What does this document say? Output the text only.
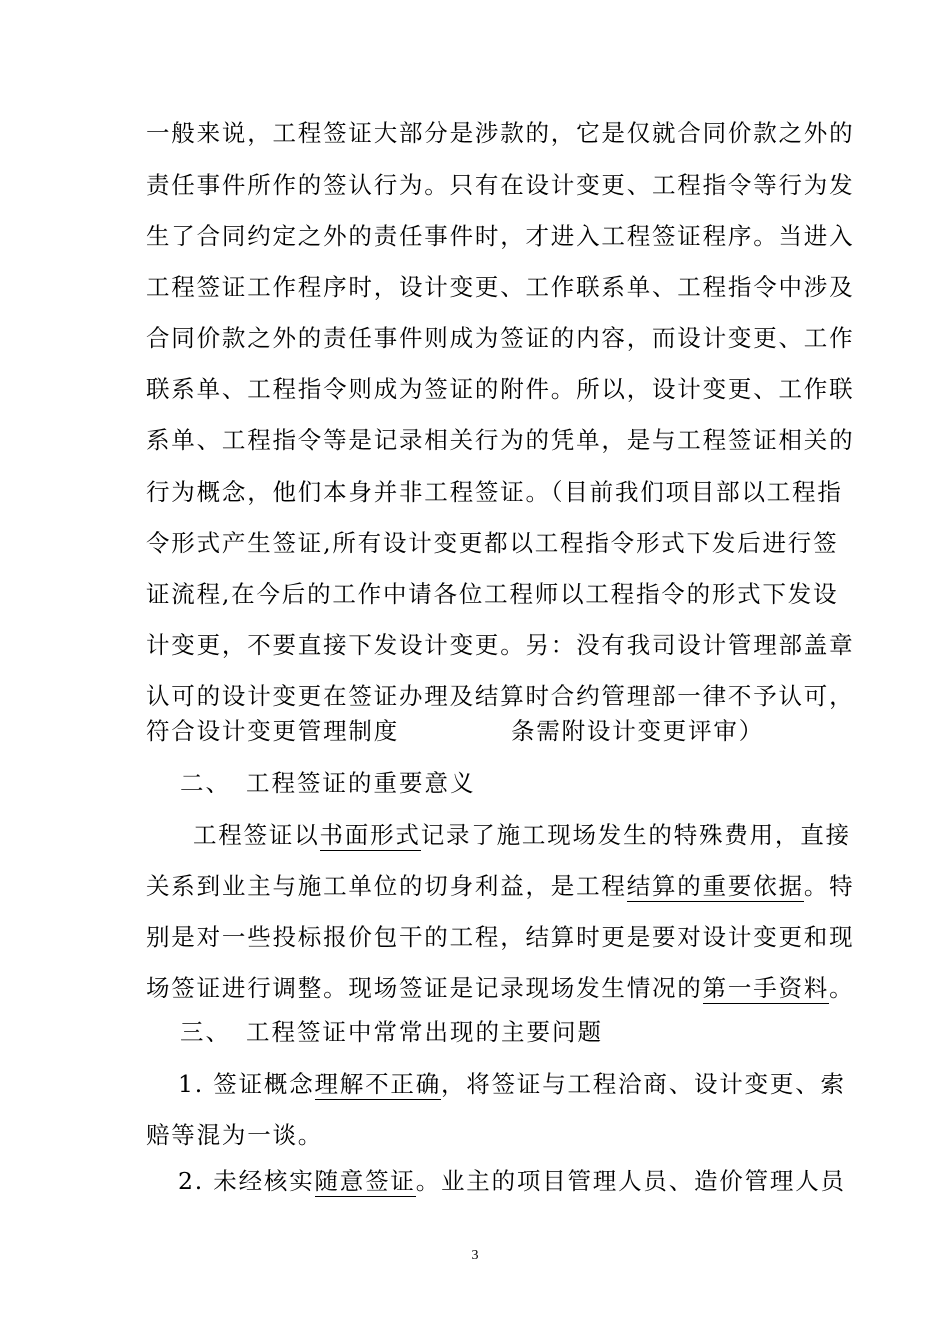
一般来说，工程签证大部分是涉款的，它是仅就合同价款之外的
责任事件所作的签认行为。只有在设计变更、工程指令等行为发
生了合同约定之外的责任事件时，才进入工程签证程序。当进入
工程签证工作程序时，设计变更、工作联系单、工程指令中涉及
合同价款之外的责任事件则成为签证的内容，而设计变更、工作
联系单、工程指令则成为签证的附件。所以，设计变更、工作联
系单、工程指令等是记录相关行为的凭单，是与工程签证相关的
行为概念，他们本身并非工程签证。（目前我们项目部以工程指
令形式产生签证,所有设计变更都以工程指令形式下发后进行签
证流程,在今后的工作中请各位工程师以工程指令的形式下发设
计变更，不要直接下发设计变更。另：没有我司设计管理部盖章
认可的设计变更在签证办理及结算时合约管理部一律不予认可，
符合设计变更管理制度	条需附设计变更评审）
二、 工程签证的重要意义
工程签证以书面形式记录了施工现场发生的特殊费用，直接
关系到业主与施工单位的切身利益，是工程结算的重要依据。特
别是对一些投标报价包干的工程，结算时更是要对设计变更和现
场签证进行调整。现场签证是记录现场发生情况的第一手资料。
三、 工程签证中常常出现的主要问题
1. 签证概念理解不正确，将签证与工程洽商、设计变更、索
赔等混为一谈。
2. 未经核实随意签证。业主的项目管理人员、造价管理人员
3
